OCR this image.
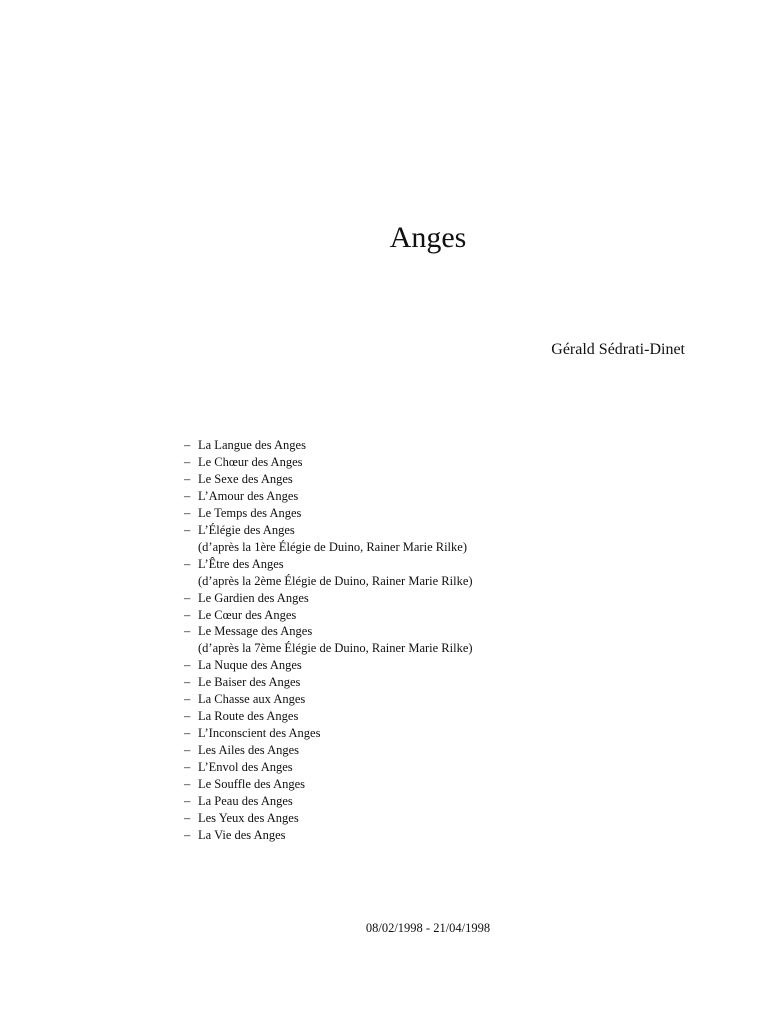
Anges
Gérald Sédrati-Dinet
– La Langue des Anges
– Le Chœur des Anges
– Le Sexe des Anges
– L’Amour des Anges
– Le Temps des Anges
– L’Élégie des Anges
(d’après la 1ère Élégie de Duino, Rainer Marie Rilke)
– L’Être des Anges
(d’après la 2ème Élégie de Duino, Rainer Marie Rilke)
– Le Gardien des Anges
– Le Cœur des Anges
– Le Message des Anges
(d’après la 7ème Élégie de Duino, Rainer Marie Rilke)
– La Nuque des Anges
– Le Baiser des Anges
– La Chasse aux Anges
– La Route des Anges
– L’Inconscient des Anges
– Les Ailes des Anges
– L’Envol des Anges
– Le Souffle des Anges
– La Peau des Anges
– Les Yeux des Anges
– La Vie des Anges
08/02/1998 - 21/04/1998
